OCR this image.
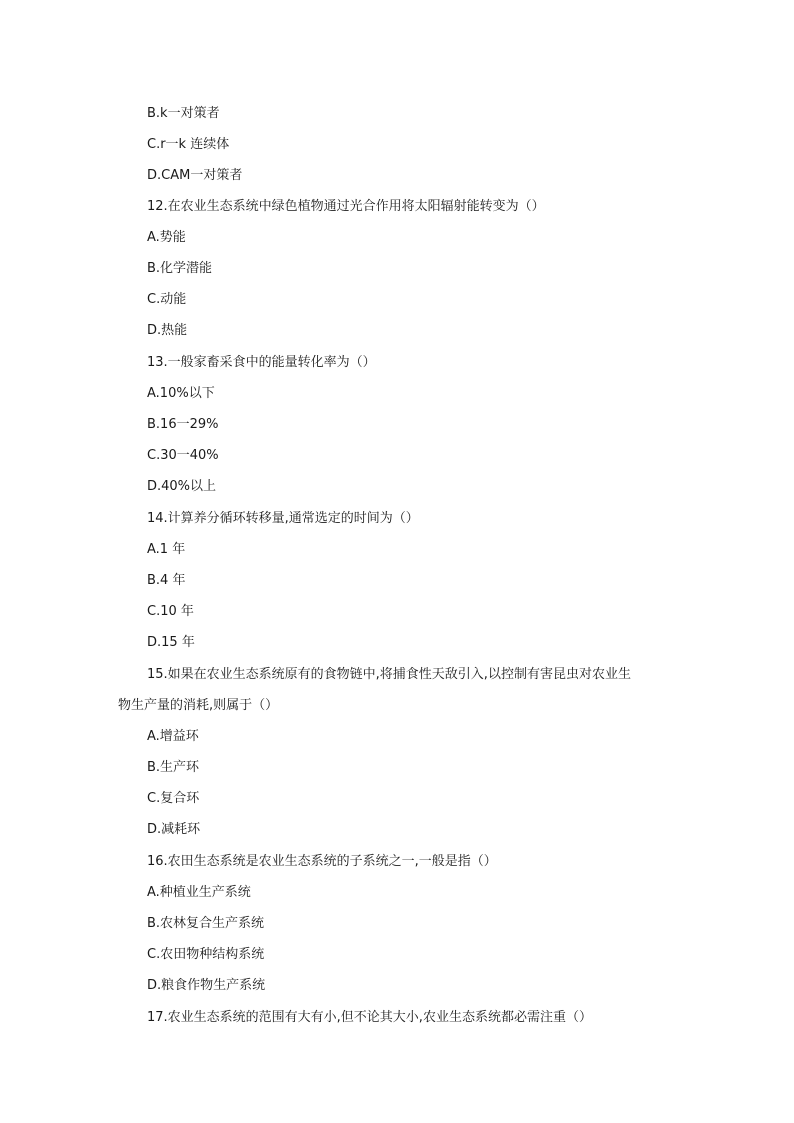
B.k一对策者
C.r一k 连续体
D.CAM一对策者
12.在农业生态系统中绿色植物通过光合作用将太阳辐射能转变为（）
A.势能
B.化学潜能
C.动能
D.热能
13.一般家畜采食中的能量转化率为（）
A.10%以下
B.16一29%
C.30一40%
D.40%以上
14.计算养分循环转移量,通常选定的时间为（）
A.1 年
B.4 年
C.10 年
D.15 年
15.如果在农业生态系统原有的食物链中,将捕食性天敌引入,以控制有害昆虫对农业生
物生产量的消耗,则属于（）
A.增益环
B.生产环
C.复合环
D.减耗环
16.农田生态系统是农业生态系统的子系统之一,一般是指（）
A.种植业生产系统
B.农林复合生产系统
C.农田物种结构系统
D.粮食作物生产系统
17.农业生态系统的范围有大有小,但不论其大小,农业生态系统都必需注重（）
